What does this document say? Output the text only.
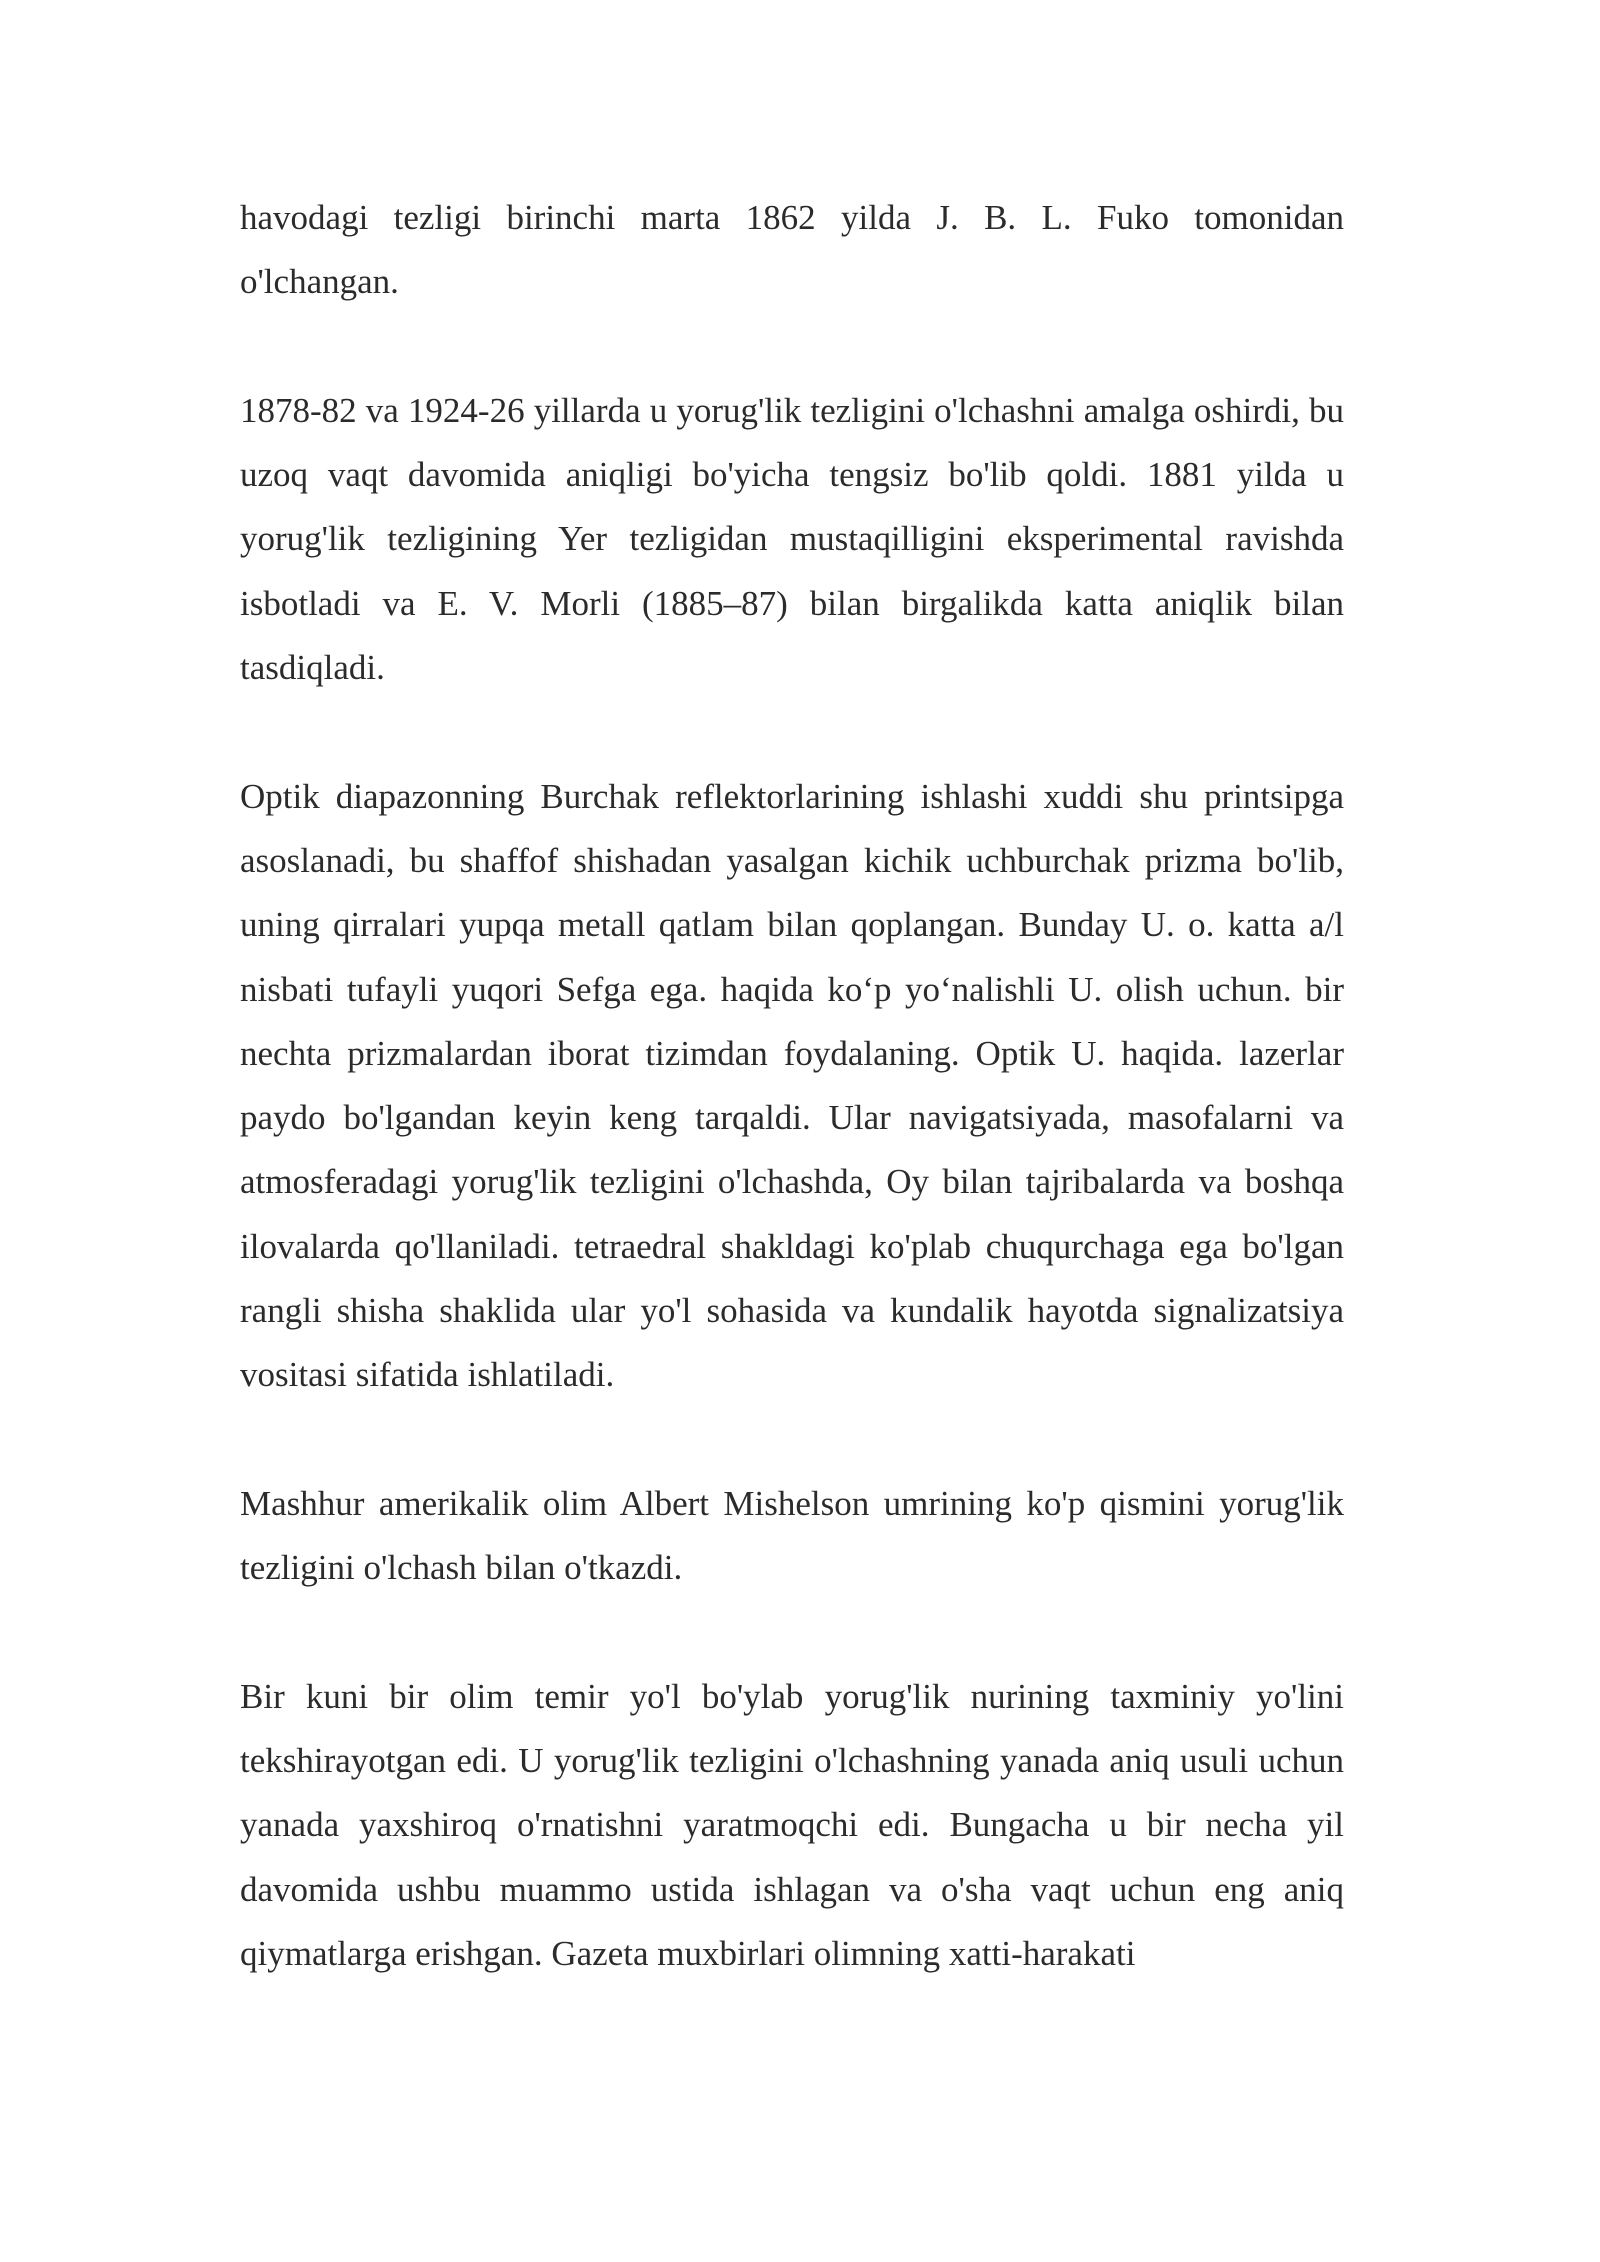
havodagi tezligi birinchi marta 1862 yilda J. B. L. Fuko tomonidan o'lchangan.

1878-82 va 1924-26 yillarda u yorug'lik tezligini o'lchashni amalga oshirdi, bu uzoq vaqt davomida aniqligi bo'yicha tengsiz bo'lib qoldi. 1881 yilda u yorug'lik tezligining Yer tezligidan mustaqilligini eksperimental ravishda isbotladi va E. V. Morli (1885–87) bilan birgalikda katta aniqlik bilan tasdiqladi.

Optik diapazonning Burchak reflektorlarining ishlashi xuddi shu printsipga asoslanadi, bu shaffof shishadan yasalgan kichik uchburchak prizma bo'lib, uning qirralari yupqa metall qatlam bilan qoplangan. Bunday U. o. katta a/l nisbati tufayli yuqori Sefga ega. haqida koʻp yoʻnalishli U. olish uchun. bir nechta prizmalardan iborat tizimdan foydalaning. Optik U. haqida. lazerlar paydo bo'lgandan keyin keng tarqaldi. Ular navigatsiyada, masofalarni va atmosferadagi yorug'lik tezligini o'lchashda, Oy bilan tajribalarda va boshqa ilovalarda qo'llaniladi. tetraedral shakldagi ko'plab chuqurchaga ega bo'lgan rangli shisha shaklida ular yo'l sohasida va kundalik hayotda signalizatsiya vositasi sifatida ishlatiladi.

Mashhur amerikalik olim Albert Mishelson umrining ko'p qismini yorug'lik tezligini o'lchash bilan o'tkazdi.

Bir kuni bir olim temir yo'l bo'ylab yorug'lik nurining taxminiy yo'lini tekshirayotgan edi. U yorug'lik tezligini o'lchashning yanada aniq usuli uchun yanada yaxshiroq o'rnatishni yaratmoqchi edi. Bungacha u bir necha yil davomida ushbu muammo ustida ishlagan va o'sha vaqt uchun eng aniq qiymatlarga erishgan. Gazeta muxbirlari olimning xatti-harakati
